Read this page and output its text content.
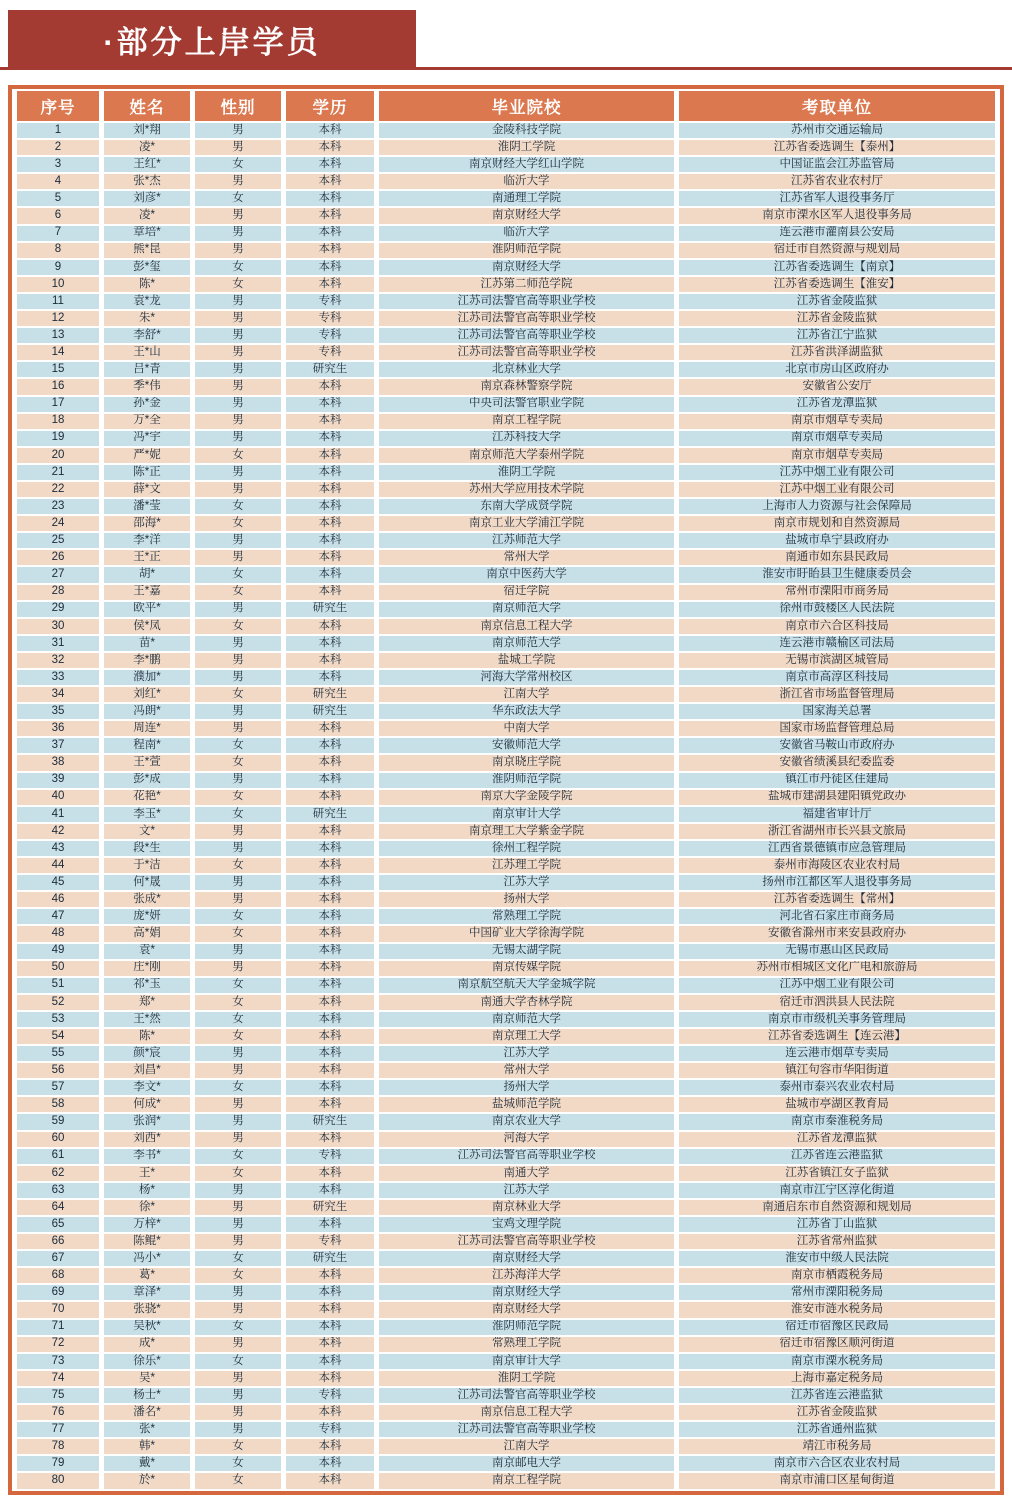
·部分上岸学员
序号	姓名	性别	学历	毕业院校	考取单位
1	刘*翔	男	本科	金陵科技学院	苏州市交通运输局
2	凌*	男	本科	淮阴工学院	江苏省委选调生【泰州】
3	王红*	女	本科	南京财经大学红山学院	中国证监会江苏监管局
4	张*杰	男	本科	临沂大学	江苏省农业农村厅
5	刘彦*	女	本科	南通理工学院	江苏省军人退役事务厅
6	凌*	男	本科	南京财经大学	南京市溧水区军人退役事务局
7	章培*	男	本科	临沂大学	连云港市灌南县公安局
8	熊*昆	男	本科	淮阴师范学院	宿迁市自然资源与规划局
9	彭*玺	女	本科	南京财经大学	江苏省委选调生【南京】
10	陈*	女	本科	江苏第二师范学院	江苏省委选调生【淮安】
11	袁*龙	男	专科	江苏司法警官高等职业学校	江苏省金陵监狱
12	朱*	男	专科	江苏司法警官高等职业学校	江苏省金陵监狱
13	李舒*	男	专科	江苏司法警官高等职业学校	江苏省江宁监狱
14	王*山	男	专科	江苏司法警官高等职业学校	江苏省洪泽湖监狱
15	吕*青	男	研究生	北京林业大学	北京市房山区政府办
16	季*伟	男	本科	南京森林警察学院	安徽省公安厅
17	孙*金	男	本科	中央司法警官职业学院	江苏省龙潭监狱
18	万*全	男	本科	南京工程学院	南京市烟草专卖局
19	冯*宇	男	本科	江苏科技大学	南京市烟草专卖局
20	严*妮	女	本科	南京师范大学泰州学院	南京市烟草专卖局
21	陈*正	男	本科	淮阴工学院	江苏中烟工业有限公司
22	薛*文	男	本科	苏州大学应用技术学院	江苏中烟工业有限公司
23	潘*莹	女	本科	东南大学成贤学院	上海市人力资源与社会保障局
24	邵海*	女	本科	南京工业大学浦江学院	南京市规划和自然资源局
25	李*洋	男	本科	江苏师范大学	盐城市阜宁县政府办
26	王*正	男	本科	常州大学	南通市如东县民政局
27	胡*	女	本科	南京中医药大学	淮安市盱眙县卫生健康委员会
28	王*嘉	女	本科	宿迁学院	常州市溧阳市商务局
29	欧平*	男	研究生	南京师范大学	徐州市鼓楼区人民法院
30	侯*凤	女	本科	南京信息工程大学	南京市六合区科技局
31	苗*	男	本科	南京师范大学	连云港市赣榆区司法局
32	李*鹏	男	本科	盐城工学院	无锡市滨湖区城管局
33	濮加*	男	本科	河海大学常州校区	南京市高淳区科技局
34	刘红*	女	研究生	江南大学	浙江省市场监督管理局
35	冯朗*	男	研究生	华东政法大学	国家海关总署
36	周连*	男	本科	中南大学	国家市场监督管理总局
37	程南*	女	本科	安徽师范大学	安徽省马鞍山市政府办
38	王*萱	女	本科	南京晓庄学院	安徽省绩溪县纪委监委
39	彭*成	男	本科	淮阴师范学院	镇江市丹徒区住建局
40	花艳*	女	本科	南京大学金陵学院	盐城市建湖县建阳镇党政办
41	李玉*	女	研究生	南京审计大学	福建省审计厅
42	文*	男	本科	南京理工大学紫金学院	浙江省湖州市长兴县文旅局
43	段*生	男	本科	徐州工程学院	江西省景德镇市应急管理局
44	于*洁	女	本科	江苏理工学院	泰州市海陵区农业农村局
45	何*晟	男	本科	江苏大学	扬州市江都区军人退役事务局
46	张成*	男	本科	扬州大学	江苏省委选调生【常州】
47	庞*妍	女	本科	常熟理工学院	河北省石家庄市商务局
48	高*娟	女	本科	中国矿业大学徐海学院	安徽省滁州市来安县政府办
49	袁*	男	本科	无锡太湖学院	无锡市惠山区民政局
50	庄*刚	男	本科	南京传媒学院	苏州市相城区文化广电和旅游局
51	祁*玉	女	本科	南京航空航天大学金城学院	江苏中烟工业有限公司
52	郑*	女	本科	南通大学杏林学院	宿迁市泗洪县人民法院
53	王*然	女	本科	南京师范大学	南京市市级机关事务管理局
54	陈*	女	本科	南京理工大学	江苏省委选调生【连云港】
55	颜*宸	男	本科	江苏大学	连云港市烟草专卖局
56	刘昌*	男	本科	常州大学	镇江句容市华阳街道
57	李文*	女	本科	扬州大学	泰州市泰兴农业农村局
58	何成*	男	本科	盐城师范学院	盐城市亭湖区教育局
59	张润*	男	研究生	南京农业大学	南京市秦淮税务局
60	刘西*	男	本科	河海大学	江苏省龙潭监狱
61	李书*	女	专科	江苏司法警官高等职业学校	江苏省连云港监狱
62	王*	女	本科	南通大学	江苏省镇江女子监狱
63	杨*	男	本科	江苏大学	南京市江宁区淳化街道
64	徐*	男	研究生	南京林业大学	南通启东市自然资源和规划局
65	万梓*	男	本科	宝鸡文理学院	江苏省丁山监狱
66	陈鲲*	男	专科	江苏司法警官高等职业学校	江苏省常州监狱
67	冯小*	女	研究生	南京财经大学	淮安市中级人民法院
68	葛*	女	本科	江苏海洋大学	南京市栖霞税务局
69	章泽*	男	本科	南京财经大学	常州市溧阳税务局
70	张骁*	男	本科	南京财经大学	淮安市涟水税务局
71	吴秋*	女	本科	淮阴师范学院	宿迁市宿豫区民政局
72	成*	男	本科	常熟理工学院	宿迁市宿豫区顺河街道
73	徐乐*	女	本科	南京审计大学	南京市溧水税务局
74	吴*	男	本科	淮阴工学院	上海市嘉定税务局
75	杨士*	男	专科	江苏司法警官高等职业学校	江苏省连云港监狱
76	潘名*	男	本科	南京信息工程大学	江苏省金陵监狱
77	张*	男	专科	江苏司法警官高等职业学校	江苏省通州监狱
78	韩*	女	本科	江南大学	靖江市税务局
79	戴*	女	本科	南京邮电大学	南京市六合区农业农村局
80	於*	女	本科	南京工程学院	南京市浦口区星甸街道
